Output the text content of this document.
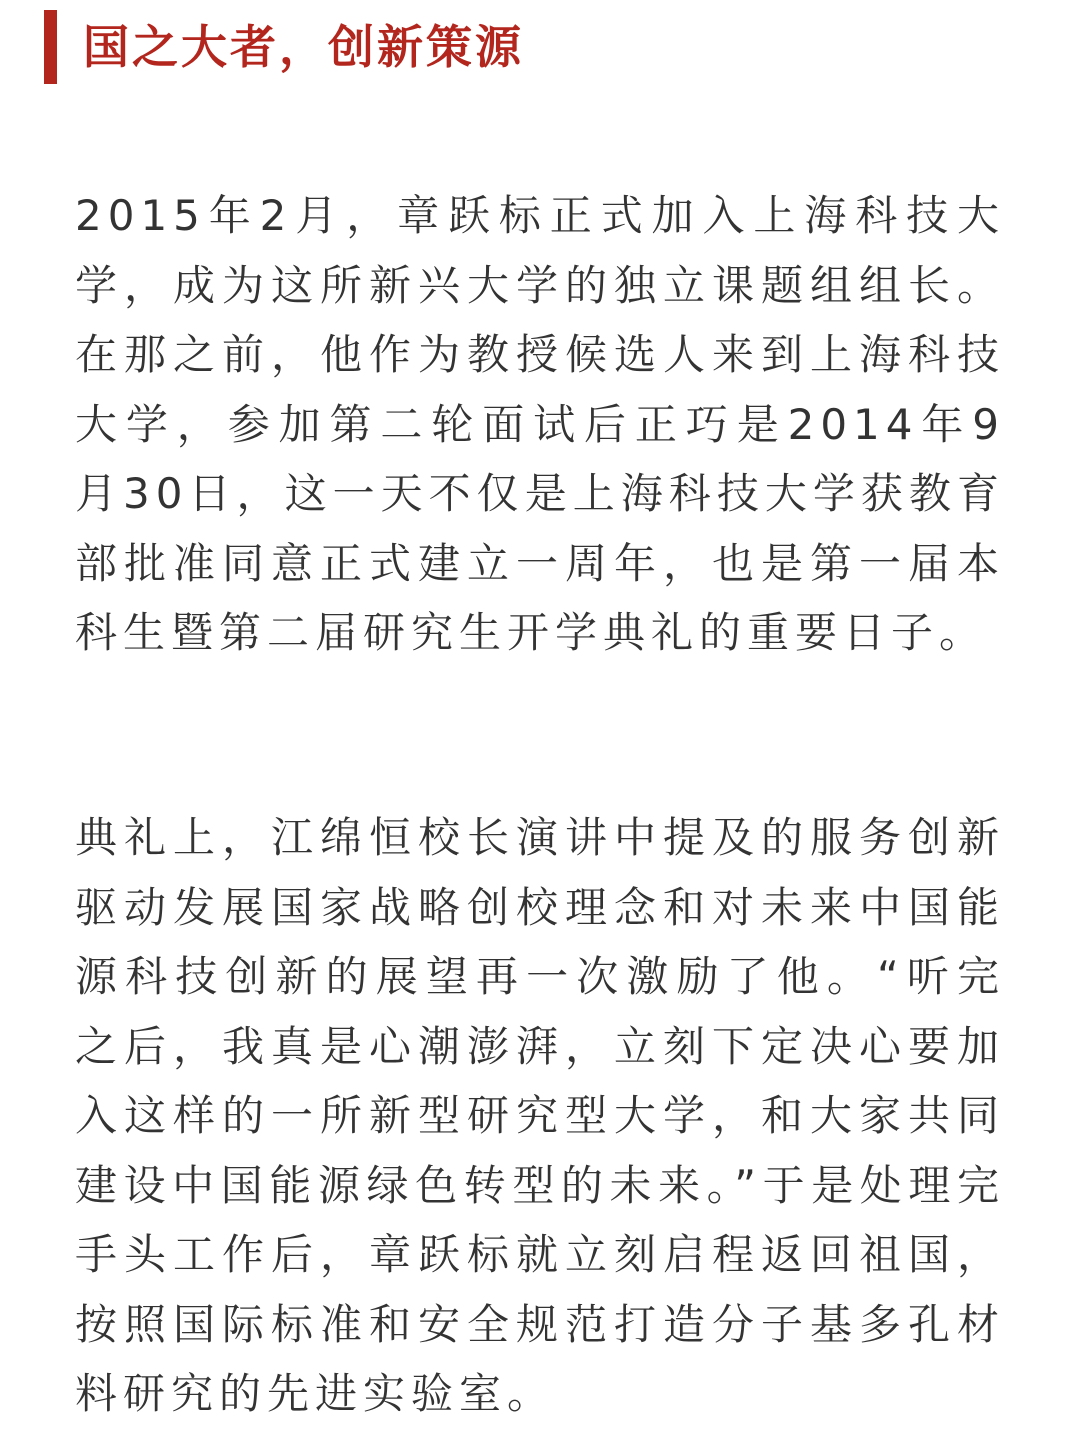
国之大者，创新策源

2015年2月，章跃标正式加入上海科技大学，成为这所新兴大学的独立课题组组长。在那之前，他作为教授候选人来到上海科技大学，参加第二轮面试后正巧是2014年9月30日，这一天不仅是上海科技大学获教育部批准同意正式建立一周年，也是第一届本科生暨第二届研究生开学典礼的重要日子。

典礼上，江绵恒校长演讲中提及的服务创新驱动发展国家战略创校理念和对未来中国能源科技创新的展望再一次激励了他。“听完之后，我真是心潮澎湃，立刻下定决心要加入这样的一所新型研究型大学，和大家共同建设中国能源绿色转型的未来。”于是处理完手头工作后，章跃标就立刻启程返回祖国，按照国际标准和安全规范打造分子基多孔材料研究的先进实验室。
